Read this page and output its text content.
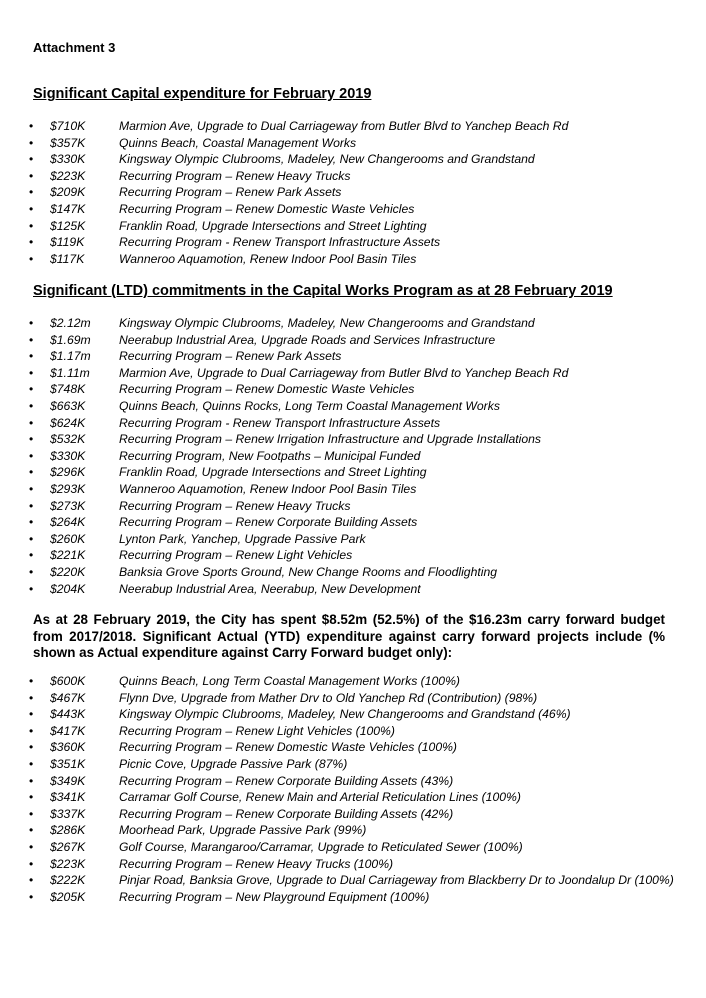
Attachment 3
Significant Capital expenditure for February 2019
• $710K	Marmion Ave, Upgrade to Dual Carriageway from Butler Blvd to Yanchep Beach Rd
• $357K	Quinns Beach, Coastal Management Works
• $330K	Kingsway Olympic Clubrooms, Madeley, New Changerooms and Grandstand
• $223K	Recurring Program – Renew Heavy Trucks
• $209K	Recurring Program – Renew Park Assets
• $147K	Recurring Program – Renew Domestic Waste Vehicles
• $125K	Franklin Road, Upgrade Intersections and Street Lighting
• $119K	Recurring Program - Renew Transport Infrastructure Assets
• $117K	Wanneroo Aquamotion, Renew Indoor Pool Basin Tiles
Significant (LTD) commitments in the Capital Works Program as at 28 February 2019
• $2.12m Kingsway Olympic Clubrooms, Madeley, New Changerooms and Grandstand
• $1.69m Neerabup Industrial Area, Upgrade Roads and Services Infrastructure
• $1.17m Recurring Program – Renew Park Assets
• $1.11m Marmion Ave, Upgrade to Dual Carriageway from Butler Blvd to Yanchep Beach Rd
• $748K	Recurring Program – Renew Domestic Waste Vehicles
• $663K	Quinns Beach, Quinns Rocks, Long Term Coastal Management Works
• $624K	Recurring Program - Renew Transport Infrastructure Assets
• $532K	Recurring Program – Renew Irrigation Infrastructure and Upgrade Installations
• $330K	Recurring Program, New Footpaths – Municipal Funded
• $296K	Franklin Road, Upgrade Intersections and Street Lighting
• $293K	Wanneroo Aquamotion, Renew Indoor Pool Basin Tiles
• $273K	Recurring Program – Renew Heavy Trucks
• $264K	Recurring Program – Renew Corporate Building Assets
• $260K	Lynton Park, Yanchep, Upgrade Passive Park
• $221K	Recurring Program – Renew Light Vehicles
• $220K	Banksia Grove Sports Ground, New Change Rooms and Floodlighting
• $204K	Neerabup Industrial Area, Neerabup, New Development
As at 28 February 2019, the City has spent $8.52m (52.5%) of the $16.23m carry forward budget from 2017/2018. Significant Actual (YTD) expenditure against carry forward projects include (% shown as Actual expenditure against Carry Forward budget only):
• $600K	Quinns Beach, Long Term Coastal Management Works (100%)
• $467K	Flynn Dve, Upgrade from Mather Drv to Old Yanchep Rd (Contribution) (98%)
• $443K	Kingsway Olympic Clubrooms, Madeley, New Changerooms and Grandstand (46%)
• $417K	Recurring Program – Renew Light Vehicles (100%)
• $360K	Recurring Program – Renew Domestic Waste Vehicles (100%)
• $351K	Picnic Cove, Upgrade Passive Park (87%)
• $349K	Recurring Program – Renew Corporate Building Assets (43%)
• $341K	Carramar Golf Course, Renew Main and Arterial Reticulation Lines (100%)
• $337K	Recurring Program – Renew Corporate Building Assets (42%)
• $286K	Moorhead Park, Upgrade Passive Park (99%)
• $267K	Golf Course, Marangaroo/Carramar, Upgrade to Reticulated Sewer (100%)
• $223K	Recurring Program – Renew Heavy Trucks (100%)
• $222K	Pinjar Road, Banksia Grove, Upgrade to Dual Carriageway from Blackberry Dr to Joondalup Dr (100%)
• $205K	Recurring Program – New Playground Equipment (100%)
